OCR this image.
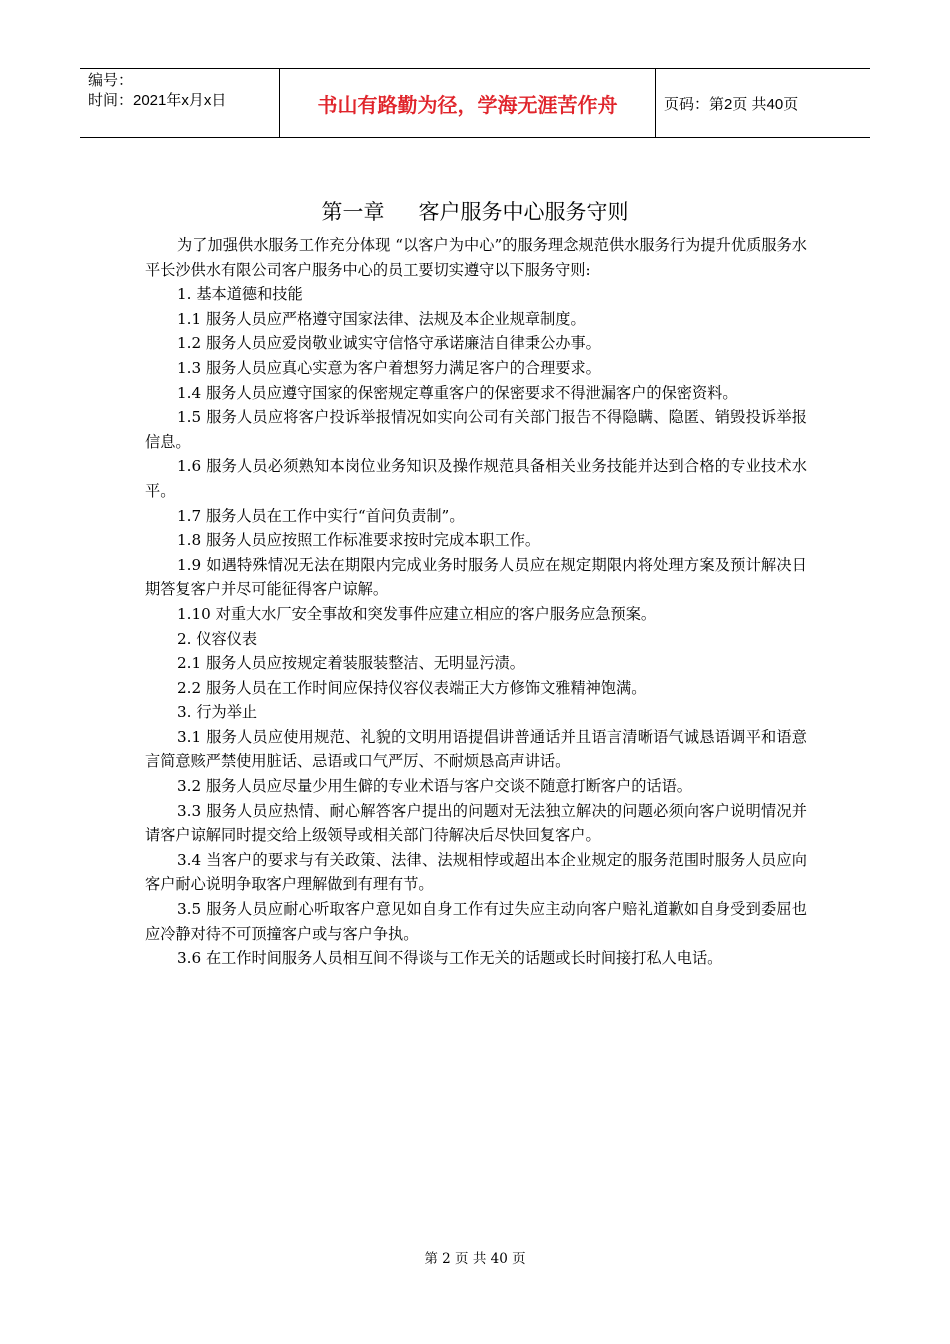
编号：
时间：2021年x月x日	书山有路勤为径，学海无涯苦作舟	页码：第2页 共40页
第一章 客户服务中心服务守则

为了加强供水服务工作充分体现 “以客户为中心”的服务理念规范供水服务行为提升优质服务水平长沙供水有限公司客户服务中心的员工要切实遵守以下服务守则:

1. 基本道德和技能

1.1 服务人员应严格遵守国家法律、法规及本企业规章制度。

1.2 服务人员应爱岗敬业诚实守信恪守承诺廉洁自律秉公办事。

1.3 服务人员应真心实意为客户着想努力满足客户的合理要求。

1.4 服务人员应遵守国家的保密规定尊重客户的保密要求不得泄漏客户的保密资料。

1.5 服务人员应将客户投诉举报情况如实向公司有关部门报告不得隐瞒、隐匿、销毁投诉举报信息。

1.6 服务人员必须熟知本岗位业务知识及操作规范具备相关业务技能并达到合格的专业技术水平。

1.7 服务人员在工作中实行“首问负责制”。

1.8 服务人员应按照工作标准要求按时完成本职工作。

1.9 如遇特殊情况无法在期限内完成业务时服务人员应在规定期限内将处理方案及预计解决日期答复客户并尽可能征得客户谅解。

1.10 对重大水厂安全事故和突发事件应建立相应的客户服务应急预案。

2. 仪容仪表

2.1 服务人员应按规定着装服装整洁、无明显污渍。

2.2 服务人员在工作时间应保持仪容仪表端正大方修饰文雅精神饱满。

3. 行为举止

3.1 服务人员应使用规范、礼貌的文明用语提倡讲普通话并且语言清晰语气诚恳语调平和语意言简意赅严禁使用脏话、忌语或口气严厉、不耐烦恳高声讲话。

3.2 服务人员应尽量少用生僻的专业术语与客户交谈不随意打断客户的话语。

3.3 服务人员应热情、耐心解答客户提出的问题对无法独立解决的问题必须向客户说明情况并请客户谅解同时提交给上级领导或相关部门待解决后尽快回复客户。

3.4 当客户的要求与有关政策、法律、法规相悖或超出本企业规定的服务范围时服务人员应向客户耐心说明争取客户理解做到有理有节。

3.5 服务人员应耐心听取客户意见如自身工作有过失应主动向客户赔礼道歉如自身受到委屈也应冷静对待不可顶撞客户或与客户争执。

3.6 在工作时间服务人员相互间不得谈与工作无关的话题或长时间接打私人电话。

第 2 页 共 40 页
